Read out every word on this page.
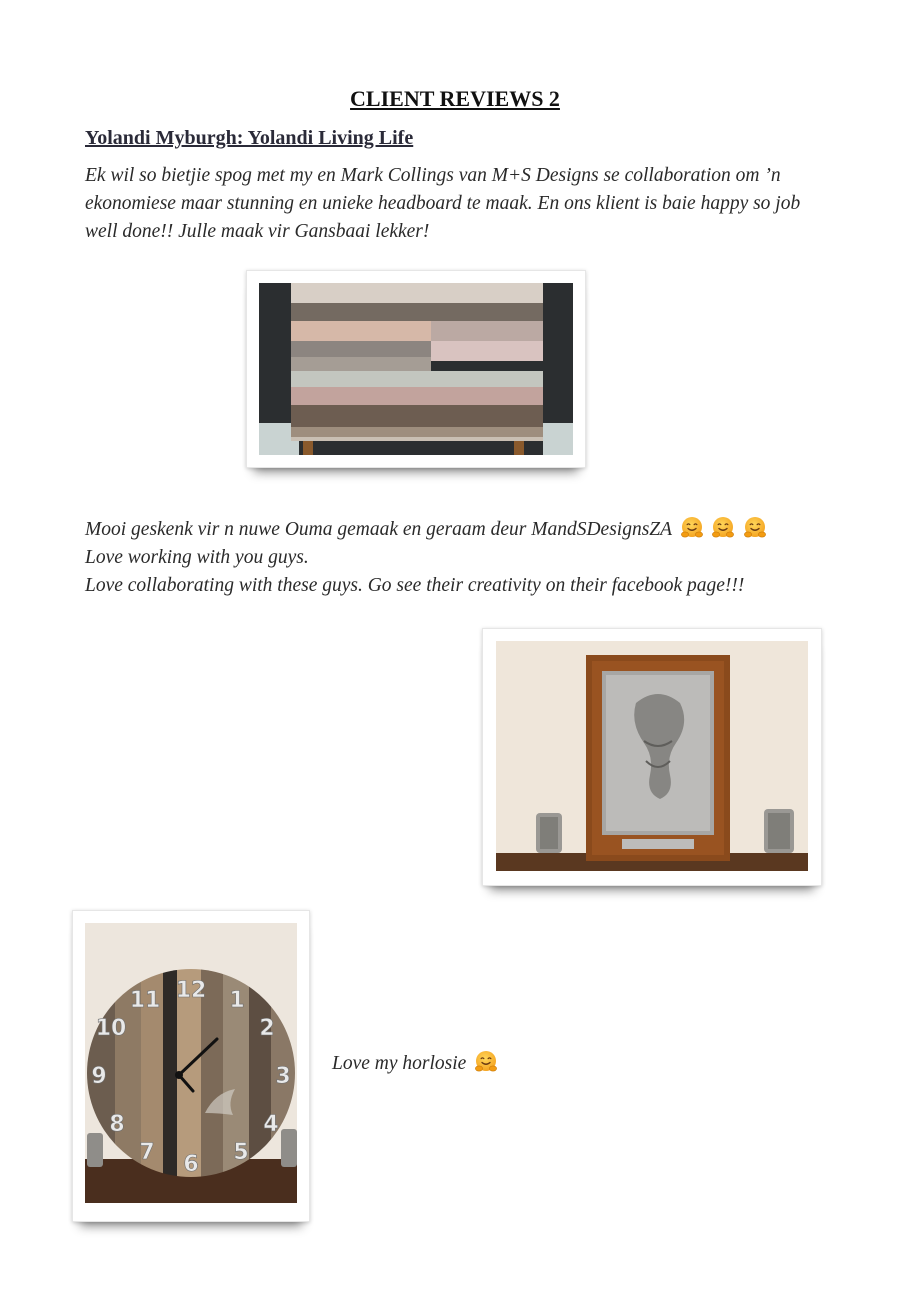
CLIENT REVIEWS 2
Yolandi Myburgh: Yolandi Living Life

Ek wil so bietjie spog met my en Mark Collings van M+S Designs se collaboration om ’n ekonomiese maar stunning en unieke headboard te maak. En ons klient is baie happy so job well done!! Julle maak vir Gansbaai lekker!

Mooi geskenk vir n nuwe Ouma gemaak en geraam deur MandSDesignsZA
Love working with you guys.
Love collaborating with these guys. Go see their creativity on their facebook page!!!
12 1
2
3
4
5
6
7
8
9
10
11
Love my horlosie
